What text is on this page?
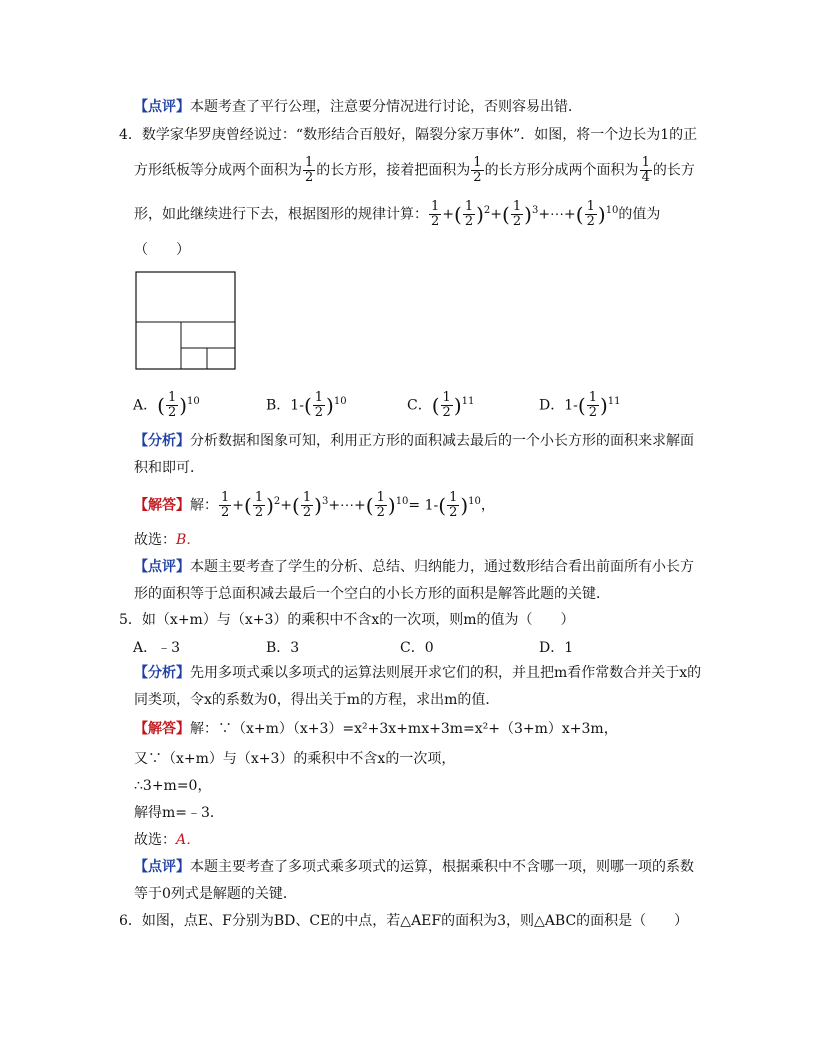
【点评】本题考查了平行公理，注意要分情况进行讨论，否则容易出错．
4．数学家华罗庚曾经说过：“数形结合百般好，隔裂分家万事休”．如图，将一个边长为1的正
方形纸板等分成两个面积为 $\frac{1}{2}$ 的长方形，接着把面积为 $\frac{1}{2}$ 的长方形分成两个面积为 $\frac{1}{4}$ 的长方
形，如此继续进行下去，根据图形的规律计算： $\frac{1}{2}$ +( $\frac{1}{2} )^2+( \frac{1}{2}$ )$^3+\cdots+( \frac{1}{2} )^{10}$的值为
（　　）
A．( $\frac{1}{2} )^{10}$	B．$1-( \frac{1}{2} )^{10}$	C．( $\frac{1}{2} )^{11}$	D．$1-( \frac{1}{2} )^{11}$
【分析】分析数据和图象可知，利用正方形的面积减去最后的一个小长方形的面积来求解面
积和即可．
【解答】解： $\frac{1}{2}$ +( $\frac{1}{2} )^2+( \frac{1}{2}$ )$^3+\cdots+( \frac{1}{2} )^{10}= 1-( \frac{1}{2} )^{10}$，
故选：B．
【点评】本题主要考查了学生的分析、总结、归纳能力，通过数形结合看出前面所有小长方
形的面积等于总面积减去最后一个空白的小长方形的面积是解答此题的关键．
5．如（x+m）与（x+3）的乘积中不含x的一次项，则m的值为（　　）
A．﹣3	B．3	C．0	D．1
【分析】先用多项式乘以多项式的运算法则展开求它们的积，并且把m看作常数合并关于x的
同类项，令x的系数为0，得出关于m的方程，求出m的值．
【解答】解：∵（x+m）（x+3）=x²+3x+mx+3m=x²+（3+m）x+3m，
又∵（x+m）与（x+3）的乘积中不含x的一次项，
∴3+m=0，
解得m=﹣3．
故选：A．
【点评】本题主要考查了多项式乘多项式的运算，根据乘积中不含哪一项，则哪一项的系数
等于0列式是解题的关键．
6．如图，点E、F分别为BD、CE的中点，若△AEF的面积为3，则△ABC的面积是（　　）
